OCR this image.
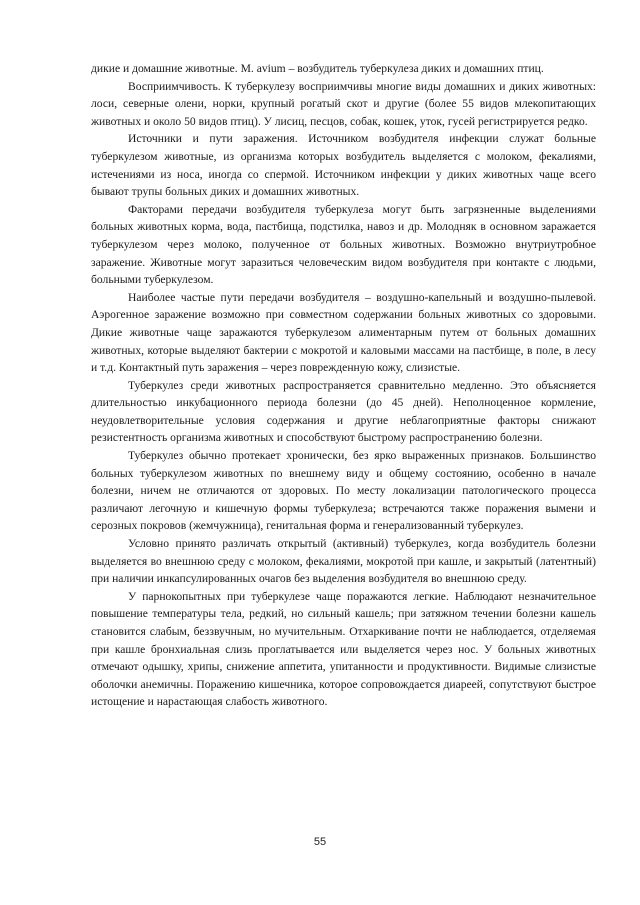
дикие и домашние животные. M. avium – возбудитель туберкулеза диких и домашних птиц.

Восприимчивость. К туберкулезу восприимчивы многие виды домашних и диких животных: лоси, северные олени, норки, крупный рогатый скот и другие (более 55 видов млекопитающих животных и около 50 видов птиц). У лисиц, песцов, собак, кошек, уток, гусей регистрируется редко.

Источники и пути заражения. Источником возбудителя инфекции служат больные туберкулезом животные, из организма которых возбудитель выделяется с молоком, фекалиями, истечениями из носа, иногда со спермой. Источником инфекции у диких животных чаще всего бывают трупы больных диких и домашних животных.

Факторами передачи возбудителя туберкулеза могут быть загрязненные выделениями больных животных корма, вода, пастбища, подстилка, навоз и др. Молодняк в основном заражается туберкулезом через молоко, полученное от больных животных. Возможно внутриутробное заражение. Животные могут заразиться человеческим видом возбудителя при контакте с людьми, больными туберкулезом.

Наиболее частые пути передачи возбудителя – воздушно-капельный и воздушно-пылевой. Аэрогенное заражение возможно при совместном содержании больных животных со здоровыми. Дикие животные чаще заражаются туберкулезом алиментарным путем от больных домашних животных, которые выделяют бактерии с мокротой и каловыми массами на пастбище, в поле, в лесу и т.д. Контактный путь заражения – через поврежденную кожу, слизистые.

Туберкулез среди животных распространяется сравнительно медленно. Это объясняется длительностью инкубационного периода болезни (до 45 дней). Неполноценное кормление, неудовлетворительные условия содержания и другие неблагоприятные факторы снижают резистентность организма животных и способствуют быстрому распространению болезни.

Туберкулез обычно протекает хронически, без ярко выраженных признаков. Большинство больных туберкулезом животных по внешнему виду и общему состоянию, особенно в начале болезни, ничем не отличаются от здоровых. По месту локализации патологического процесса различают легочную и кишечную формы туберкулеза; встречаются также поражения вымени и серозных покровов (жемчужница), генитальная форма и генерализованный туберкулез.

Условно принято различать открытый (активный) туберкулез, когда возбудитель болезни выделяется во внешнюю среду с молоком, фекалиями, мокротой при кашле, и закрытый (латентный) при наличии инкапсулированных очагов без выделения возбудителя во внешнюю среду.

У парнокопытных при туберкулезе чаще поражаются легкие. Наблюдают незначительное повышение температуры тела, редкий, но сильный кашель; при затяжном течении болезни кашель становится слабым, беззвучным, но мучительным. Отхаркивание почти не наблюдается, отделяемая при кашле бронхиальная слизь проглатывается или выделяется через нос. У больных животных отмечают одышку, хрипы, снижение аппетита, упитанности и продуктивности. Видимые слизистые оболочки анемичны. Поражению кишечника, которое сопровождается диареей, сопутствуют быстрое истощение и нарастающая слабость животного.

55
